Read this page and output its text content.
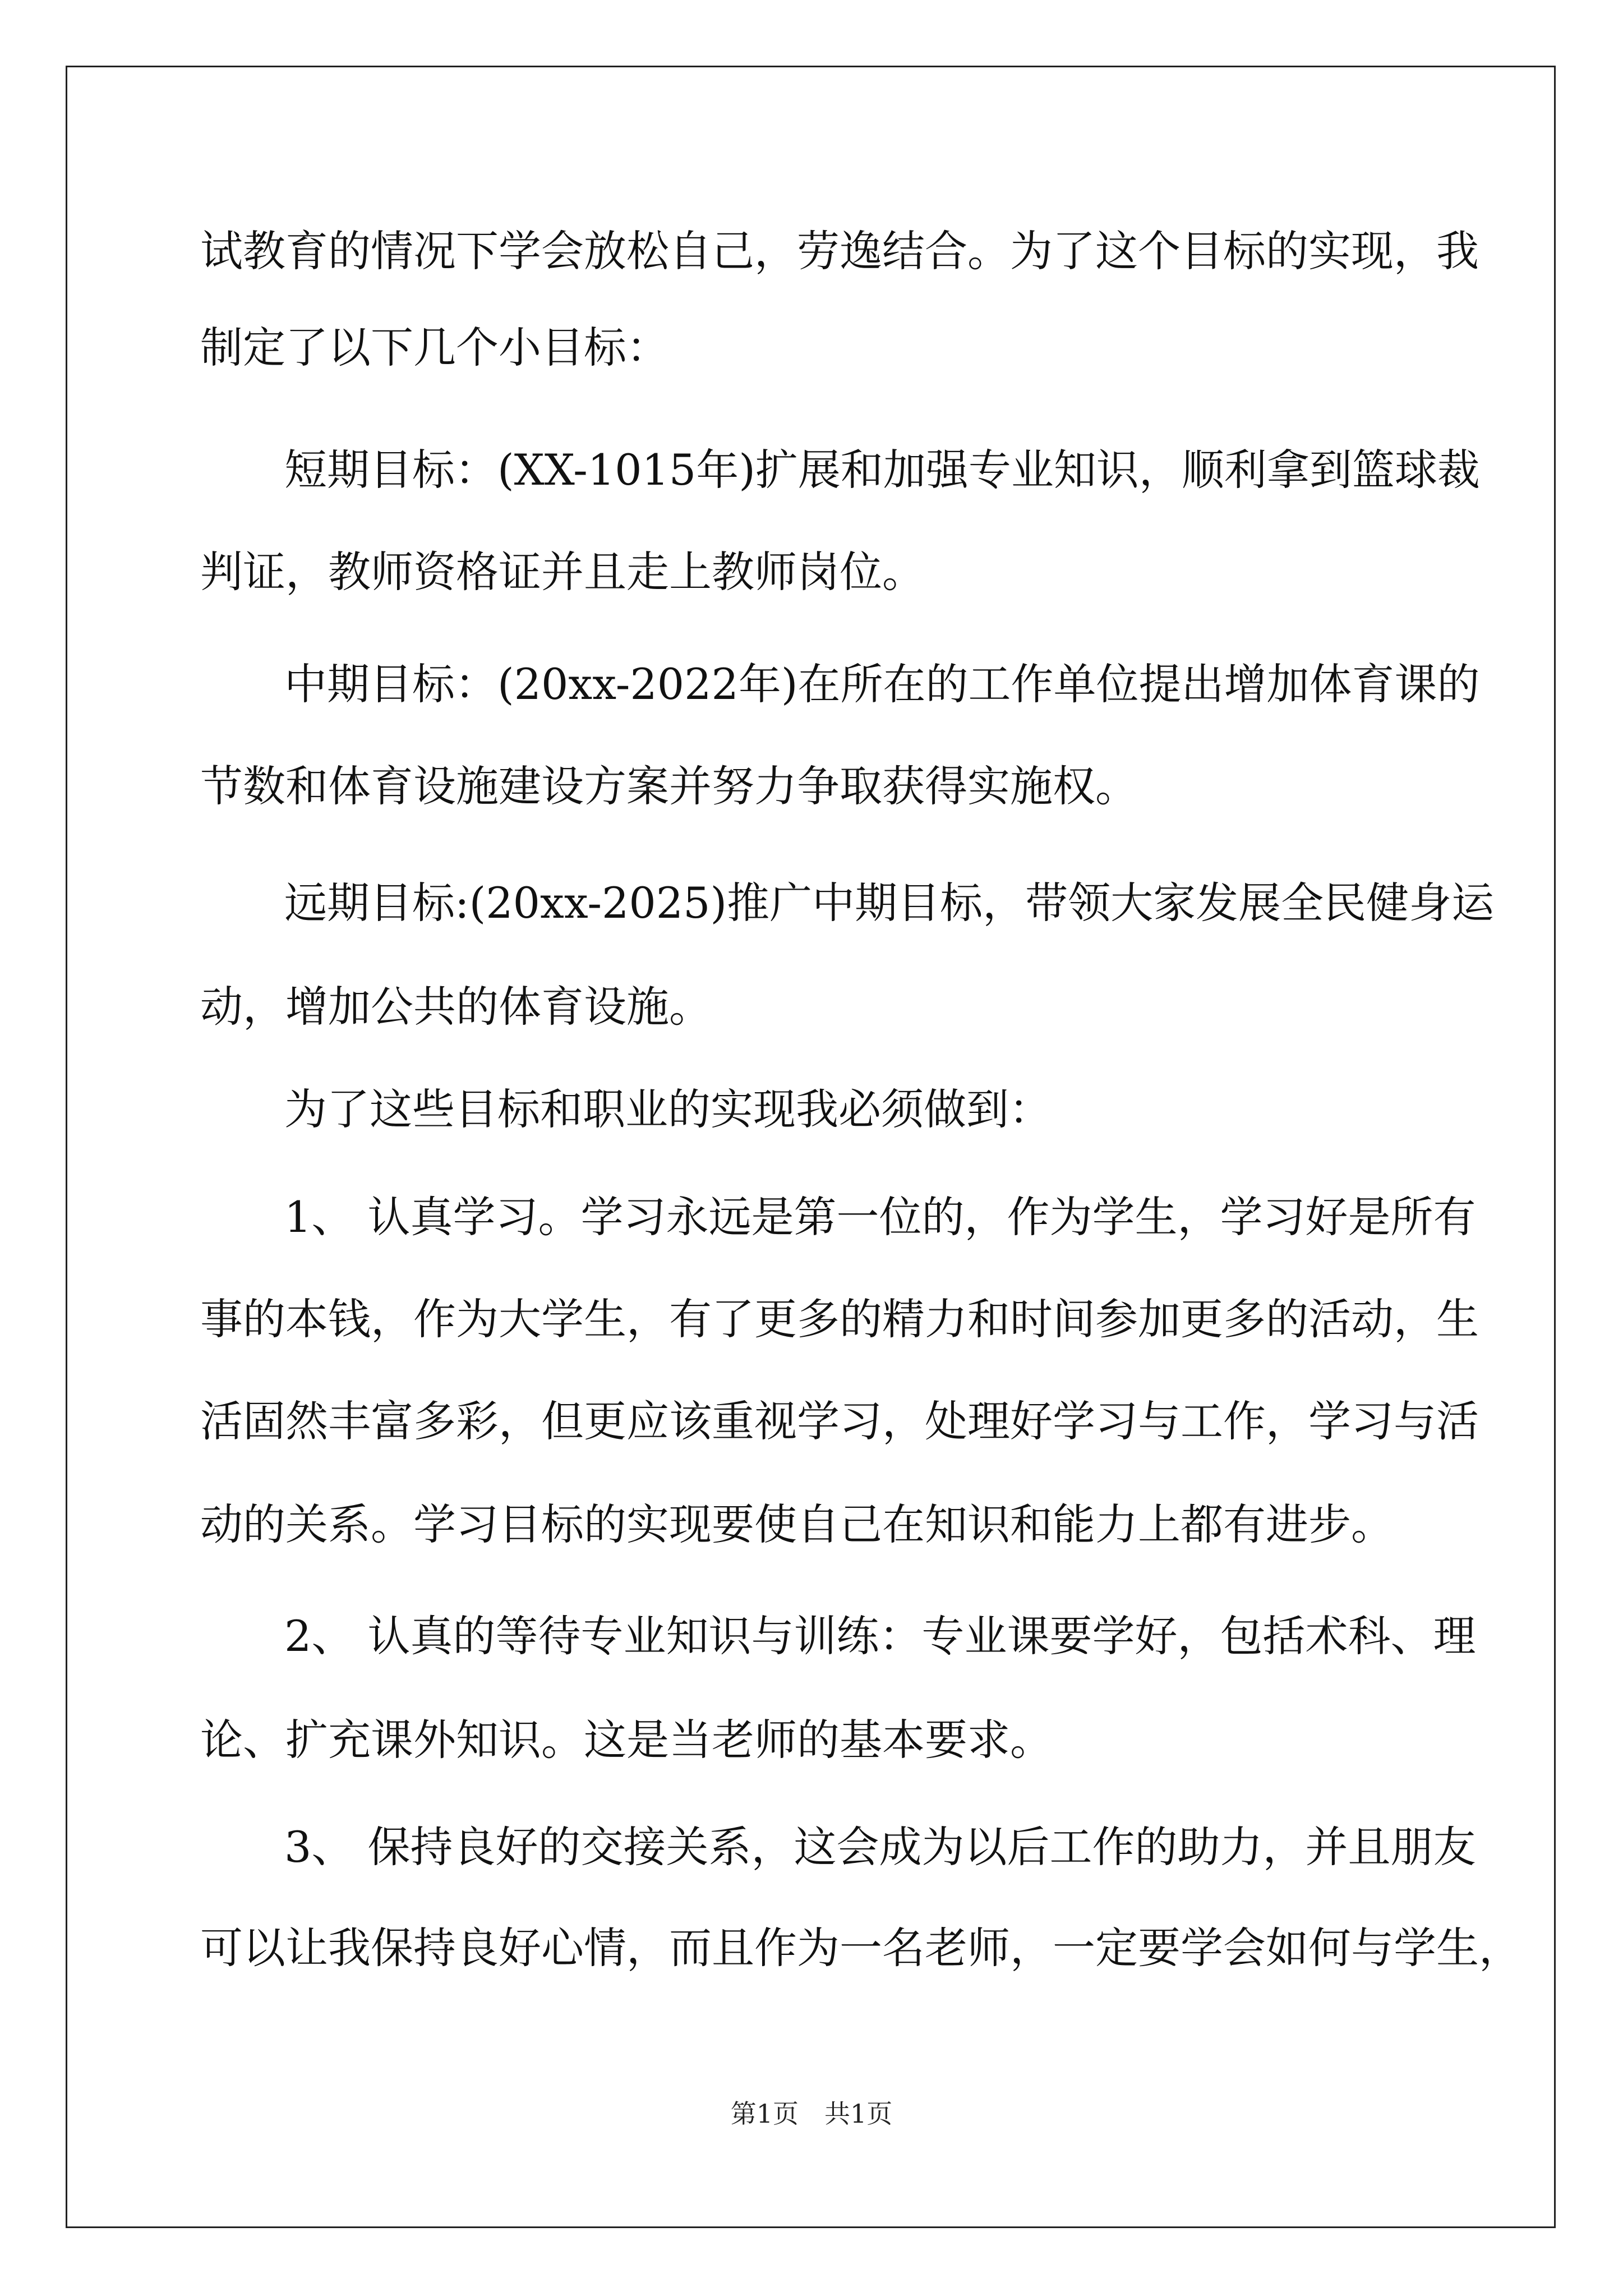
试教育的情况下学会放松自己，劳逸结合。为了这个目标的实现，我
制定了以下几个小目标：
短期目标：(XX-1015年)扩展和加强专业知识，顺利拿到篮球裁
判证，教师资格证并且走上教师岗位。
中期目标：(20xx-2022年)在所在的工作单位提出增加体育课的
节数和体育设施建设方案并努力争取获得实施权。
远期目标:(20xx-2025)推广中期目标，带领大家发展全民健身运
动，增加公共的体育设施。
为了这些目标和职业的实现我必须做到：
1、 认真学习。学习永远是第一位的，作为学生，学习好是所有
事的本钱，作为大学生，有了更多的精力和时间参加更多的活动，生
活固然丰富多彩，但更应该重视学习，处理好学习与工作，学习与活
动的关系。学习目标的实现要使自己在知识和能力上都有进步。
2、 认真的等待专业知识与训练：专业课要学好，包括术科、理
论、扩充课外知识。这是当老师的基本要求。
3、 保持良好的交接关系，这会成为以后工作的助力，并且朋友
可以让我保持良好心情，而且作为一名老师，一定要学会如何与学生，
第1页　共1页
